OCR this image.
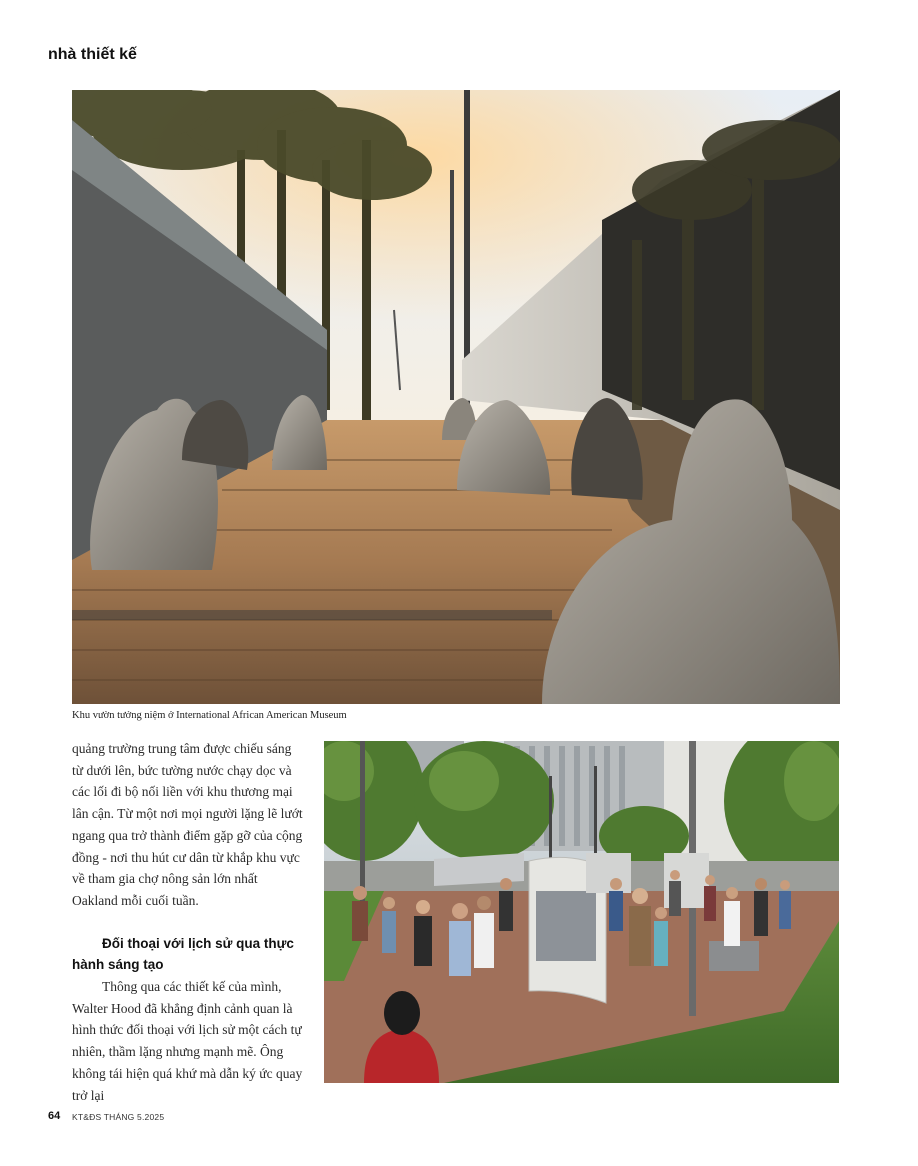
nhà thiết kế
Khu vườn tưởng niệm ở International African American Museum

quảng trường trung tâm được chiếu sáng từ dưới lên, bức tường nước chạy dọc và các lối đi bộ nối liền với khu thương mại lân cận. Từ một nơi mọi người lặng lẽ lướt ngang qua trở thành điểm gặp gỡ của cộng đồng - nơi thu hút cư dân từ khắp khu vực về tham gia chợ nông sản lớn nhất Oakland mỗi cuối tuần.

Đối thoại với lịch sử qua thực hành sáng tạo

Thông qua các thiết kế của mình, Walter Hood đã khẳng định cảnh quan là hình thức đối thoại với lịch sử một cách tự nhiên, thầm lặng nhưng mạnh mẽ. Ông không tái hiện quá khứ mà dẫn ký ức quay trở lại

64 KT&ĐS THÁNG 5.2025
